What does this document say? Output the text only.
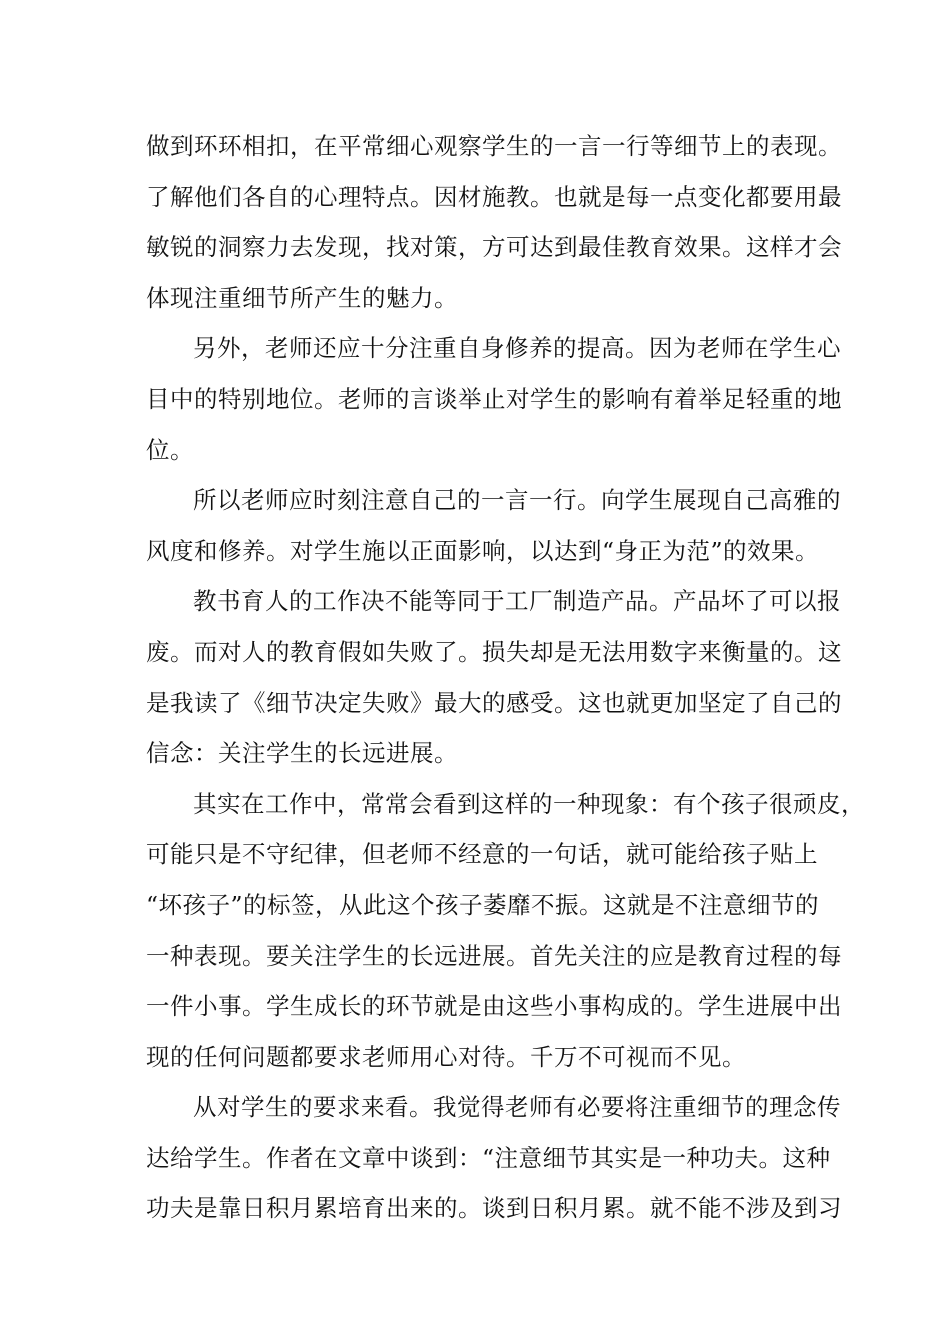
做到环环相扣，在平常细心观察学生的一言一行等细节上的表现。
了解他们各自的心理特点。因材施教。也就是每一点变化都要用最
敏锐的洞察力去发现，找对策，方可达到最佳教育效果。这样才会
体现注重细节所产生的魅力。
另外，老师还应十分注重自身修养的提高。因为老师在学生心
目中的特别地位。老师的言谈举止对学生的影响有着举足轻重的地
位。
所以老师应时刻注意自己的一言一行。向学生展现自己高雅的
风度和修养。对学生施以正面影响，以达到“身正为范”的效果。
教书育人的工作决不能等同于工厂制造产品。产品坏了可以报
废。而对人的教育假如失败了。损失却是无法用数字来衡量的。这
是我读了《细节决定失败》最大的感受。这也就更加坚定了自己的
信念：关注学生的长远进展。
其实在工作中，常常会看到这样的一种现象：有个孩子很顽皮，
可能只是不守纪律，但老师不经意的一句话，就可能给孩子贴上
“坏孩子”的标签，从此这个孩子萎靡不振。这就是不注意细节的
一种表现。要关注学生的长远进展。首先关注的应是教育过程的每
一件小事。学生成长的环节就是由这些小事构成的。学生进展中出
现的任何问题都要求老师用心对待。千万不可视而不见。
从对学生的要求来看。我觉得老师有必要将注重细节的理念传
达给学生。作者在文章中谈到：“注意细节其实是一种功夫。这种
功夫是靠日积月累培育出来的。谈到日积月累。就不能不涉及到习
